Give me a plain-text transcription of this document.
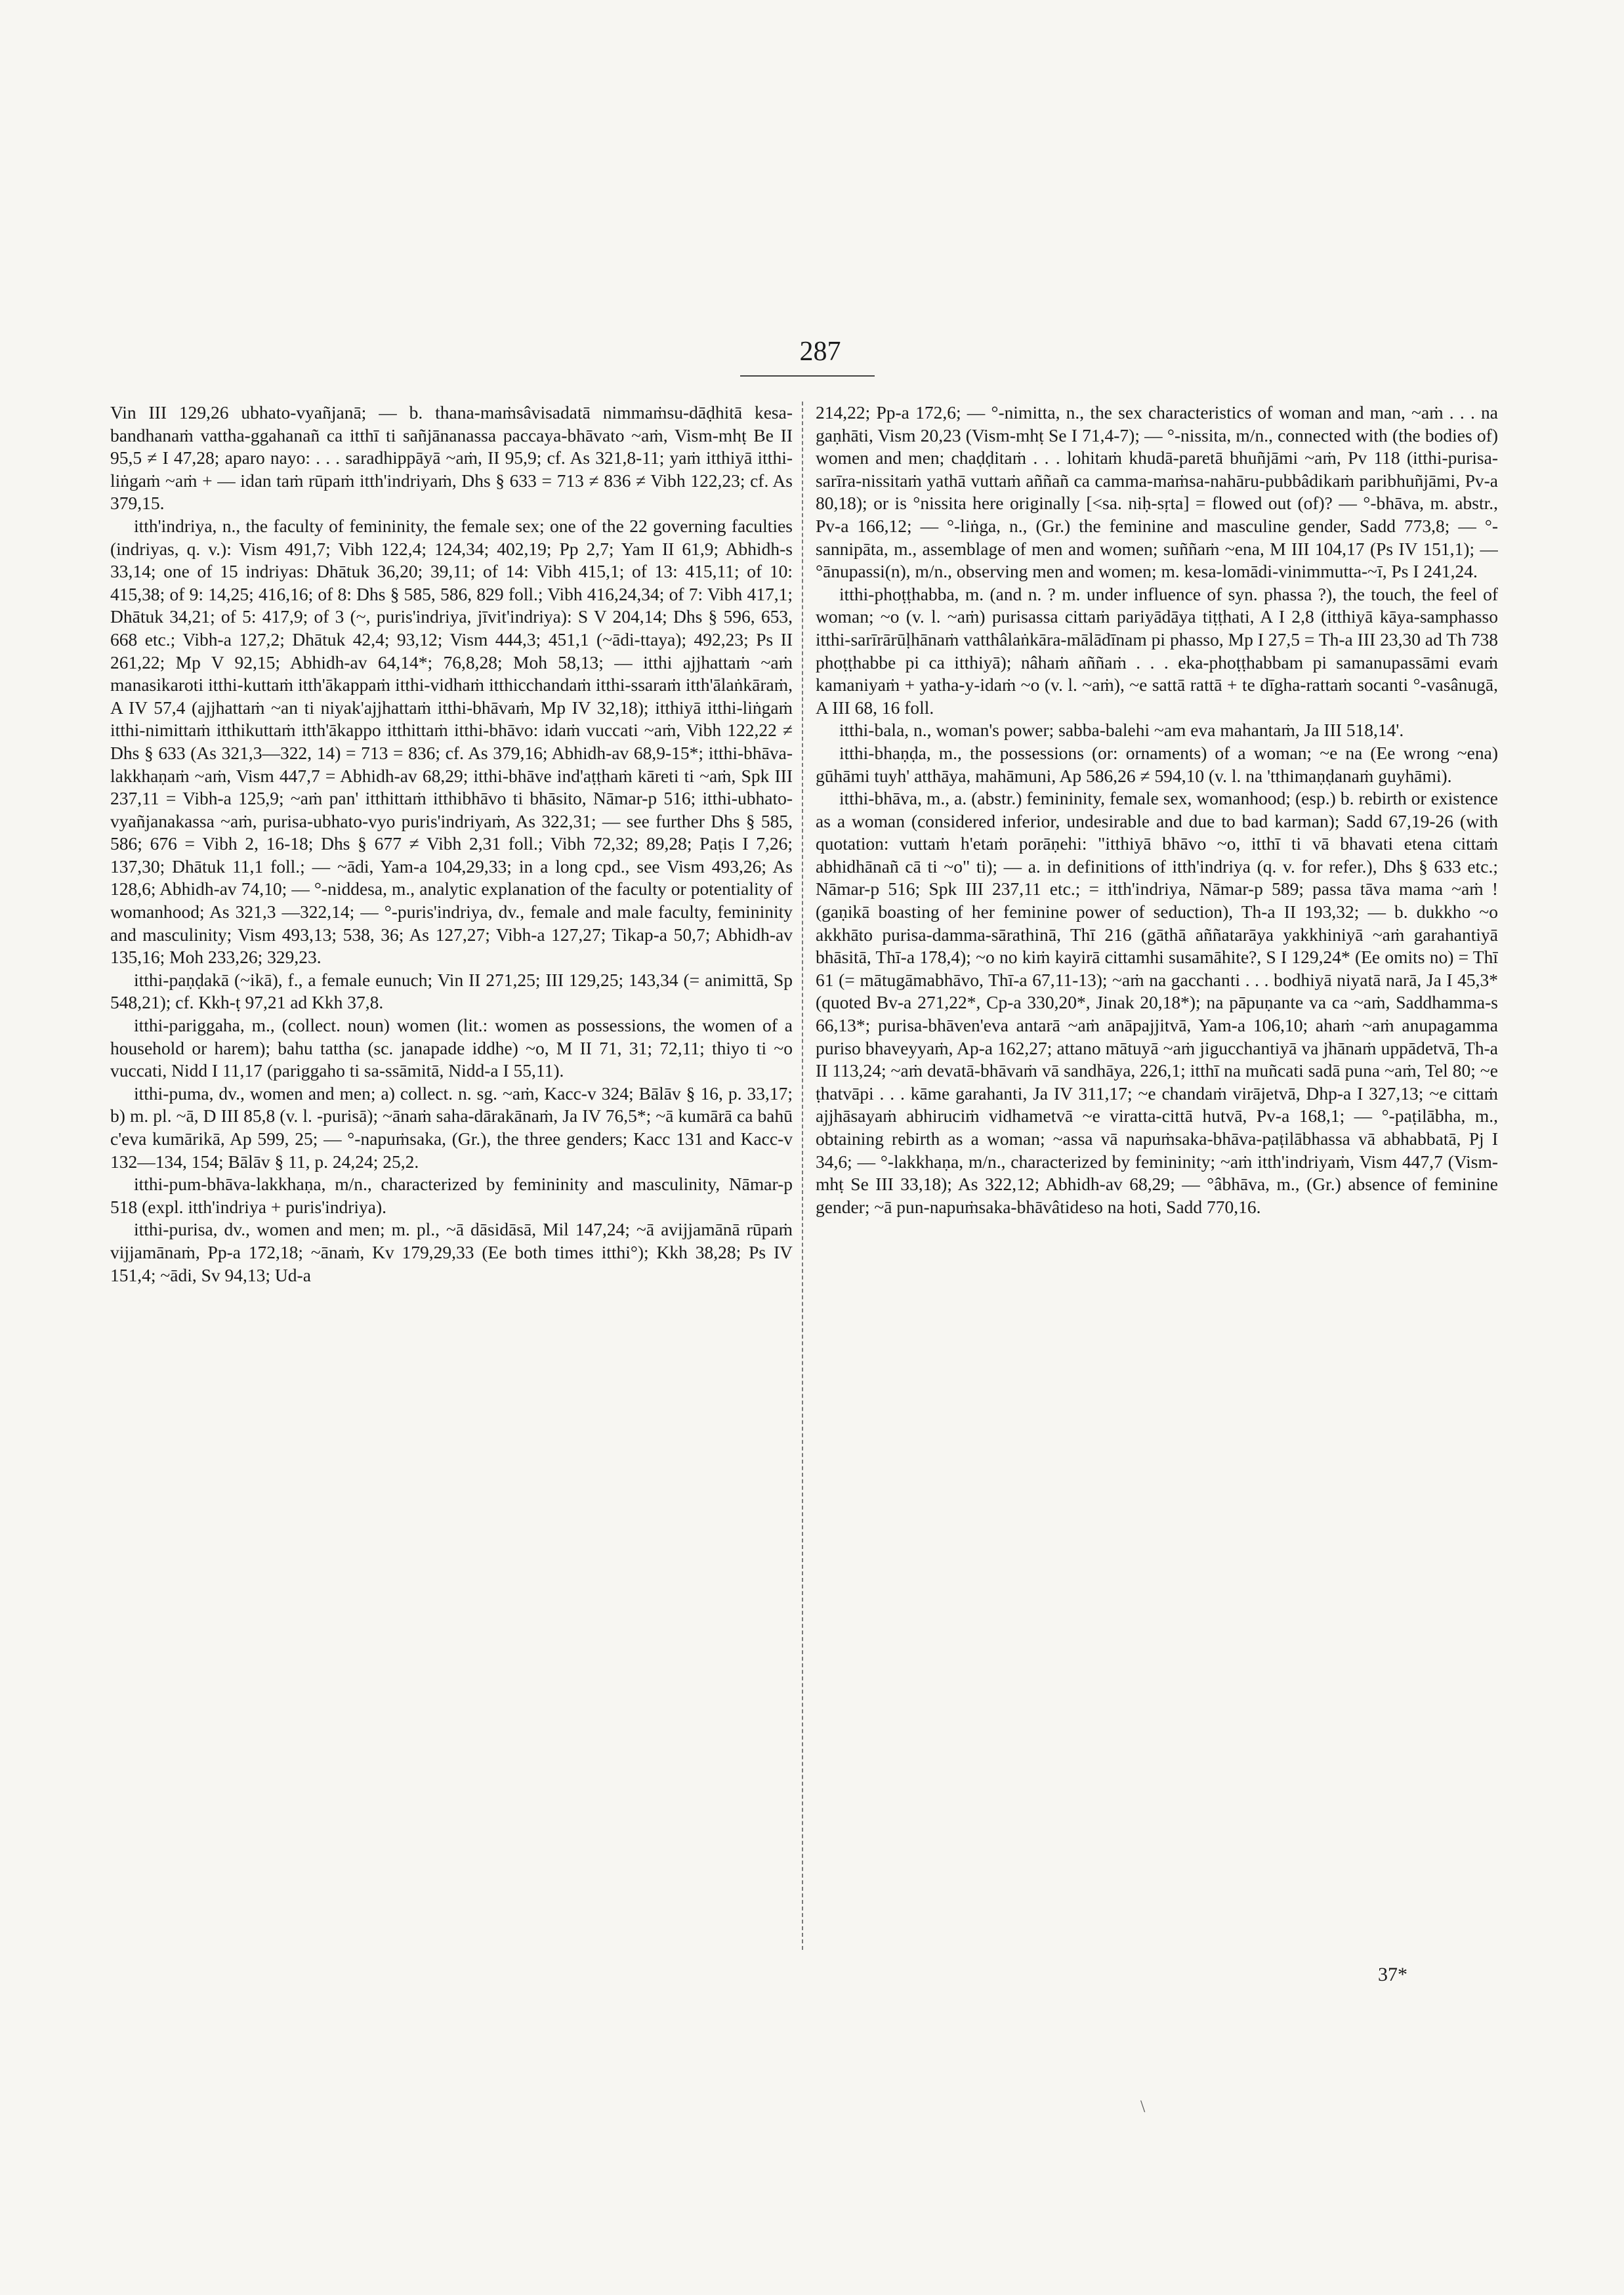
287

Vin III 129,26 ubhato-vyañjanā; — b. thana-maṁsâvisadatā nimmaṁsu-dāḍhitā kesa-bandhanaṁ vattha-ggahanañ ca itthī ti sañjānanassa paccaya-bhāvato ~aṁ, Vism-mhṭ Be II 95,5 ≠ I 47,28; aparo nayo: . . . saradhippāyā ~aṁ, II 95,9; cf. As 321,8-11; yaṁ itthiyā itthi-liṅgaṁ ~aṁ + — idan taṁ rūpaṁ itth'indriyaṁ, Dhs § 633 = 713 ≠ 836 ≠ Vibh 122,23; cf. As 379,15.

itth'indriya, n., the faculty of femininity, the female sex; one of the 22 governing faculties (indriyas, q. v.): Vism 491,7; Vibh 122,4; 124,34; 402,19; Pp 2,7; Yam II 61,9; Abhidh-s 33,14; one of 15 indriyas: Dhātuk 36,20; 39,11; of 14: Vibh 415,1; of 13: 415,11; of 10: 415,38; of 9: 14,25; 416,16; of 8: Dhs § 585, 586, 829 foll.; Vibh 416,24,34; of 7: Vibh 417,1; Dhātuk 34,21; of 5: 417,9; of 3 (~, puris'indriya, jīvit'indriya): S V 204,14; Dhs § 596, 653, 668 etc.; Vibh-a 127,2; Dhātuk 42,4; 93,12; Vism 444,3; 451,1 (~ādi-ttaya); 492,23; Ps II 261,22; Mp V 92,15; Abhidh-av 64,14*; 76,8,28; Moh 58,13; — itthi ajjhattaṁ ~aṁ manasikaroti itthi-kuttaṁ itth'ākappaṁ itthi-vidhaṁ itthicchandaṁ itthi-ssaraṁ itth'ālaṅkāraṁ, A IV 57,4 (ajjhattaṁ ~an ti niyak'ajjhattaṁ itthi-bhāvaṁ, Mp IV 32,18); itthiyā itthi-liṅgaṁ itthi-nimittaṁ itthikuttaṁ itth'ākappo itthittaṁ itthi-bhāvo: idaṁ vuccati ~aṁ, Vibh 122,22 ≠ Dhs § 633 (As 321,3—322, 14) = 713 = 836; cf. As 379,16; Abhidh-av 68,9-15*; itthi-bhāva-lakkhaṇaṁ ~aṁ, Vism 447,7 = Abhidh-av 68,29; itthi-bhāve ind'aṭṭhaṁ kāreti ti ~aṁ, Spk III 237,11 = Vibh-a 125,9; ~aṁ pan' itthittaṁ itthibhāvo ti bhāsito, Nāmar-p 516; itthi-ubhato-vyañjanakassa ~aṁ, purisa-ubhato-vyo puris'indriyaṁ, As 322,31; — see further Dhs § 585, 586; 676 = Vibh 2, 16-18; Dhs § 677 ≠ Vibh 2,31 foll.; Vibh 72,32; 89,28; Paṭis I 7,26; 137,30; Dhātuk 11,1 foll.; — ~ādi, Yam-a 104,29,33; in a long cpd., see Vism 493,26; As 128,6; Abhidh-av 74,10; — °-niddesa, m., analytic explanation of the faculty or potentiality of womanhood; As 321,3 —322,14; — °-puris'indriya, dv., female and male faculty, femininity and masculinity; Vism 493,13; 538, 36; As 127,27; Vibh-a 127,27; Tikap-a 50,7; Abhidh-av 135,16; Moh 233,26; 329,23.

itthi-paṇḍakā (~ikā), f., a female eunuch; Vin II 271,25; III 129,25; 143,34 (= animittā, Sp 548,21); cf. Kkh-ṭ 97,21 ad Kkh 37,8.

itthi-pariggaha, m., (collect. noun) women (lit.: women as possessions, the women of a household or harem); bahu tattha (sc. janapade iddhe) ~o, M II 71, 31; 72,11; thiyo ti ~o vuccati, Nidd I 11,17 (pariggaho ti sa-ssāmitā, Nidd-a I 55,11).

itthi-puma, dv., women and men; a) collect. n. sg. ~aṁ, Kacc-v 324; Bālāv § 16, p. 33,17; b) m. pl. ~ā, D III 85,8 (v. l. -purisā); ~ānaṁ saha-dārakānaṁ, Ja IV 76,5*; ~ā kumārā ca bahū c'eva kumārikā, Ap 599, 25; — °-napuṁsaka, (Gr.), the three genders; Kacc 131 and Kacc-v 132—134, 154; Bālāv § 11, p. 24,24; 25,2.

itthi-pum-bhāva-lakkhaṇa, m/n., characterized by femininity and masculinity, Nāmar-p 518 (expl. itth'indriya + puris'indriya).

itthi-purisa, dv., women and men; m. pl., ~ā dāsidāsā, Mil 147,24; ~ā avijjamānā rūpaṁ vijjamānaṁ, Pp-a 172,18; ~ānaṁ, Kv 179,29,33 (Ee both times itthi°); Kkh 38,28; Ps IV 151,4; ~ādi, Sv 94,13; Ud-a

214,22; Pp-a 172,6; — °-nimitta, n., the sex characteristics of woman and man, ~aṁ . . . na gaṇhāti, Vism 20,23 (Vism-mhṭ Se I 71,4-7); — °-nissita, m/n., connected with (the bodies of) women and men; chaḍḍitaṁ . . . lohitaṁ khudā-paretā bhuñjāmi ~aṁ, Pv 118 (itthi-purisa-sarīra-nissitaṁ yathā vuttaṁ aññañ ca camma-maṁsa-nahāru-pubbâdikaṁ paribhuñjāmi, Pv-a 80,18); or is °nissita here originally [<sa. niḥ-sṛta] = flowed out (of)? — °-bhāva, m. abstr., Pv-a 166,12; — °-liṅga, n., (Gr.) the feminine and masculine gender, Sadd 773,8; — °-sannipāta, m., assemblage of men and women; suññaṁ ~ena, M III 104,17 (Ps IV 151,1); — °ānupassi(n), m/n., observing men and women; m. kesa-lomādi-vinimmutta-~ī, Ps I 241,24.

itthi-phoṭṭhabba, m. (and n. ? m. under influence of syn. phassa ?), the touch, the feel of woman; ~o (v. l. ~aṁ) purisassa cittaṁ pariyādāya tiṭṭhati, A I 2,8 (itthiyā kāya-samphasso itthi-sarīrārūḷhānaṁ vatthâlaṅkāra-mālādīnam pi phasso, Mp I 27,5 = Th-a III 23,30 ad Th 738 phoṭṭhabbe pi ca itthiyā); nâhaṁ aññaṁ . . . eka-phoṭṭhabbam pi samanupassāmi evaṁ kamaniyaṁ + yatha-y-idaṁ ~o (v. l. ~aṁ), ~e sattā rattā + te dīgha-rattaṁ socanti °-vasânugā, A III 68, 16 foll.

itthi-bala, n., woman's power; sabba-balehi ~am eva mahantaṁ, Ja III 518,14'.

itthi-bhaṇḍa, m., the possessions (or: ornaments) of a woman; ~e na (Ee wrong ~ena) gūhāmi tuyh' atthāya, mahāmuni, Ap 586,26 ≠ 594,10 (v. l. na 'tthimaṇḍanaṁ guyhāmi).

itthi-bhāva, m., a. (abstr.) femininity, female sex, womanhood; (esp.) b. rebirth or existence as a woman (considered inferior, undesirable and due to bad karman); Sadd 67,19-26 (with quotation: vuttaṁ h'etaṁ porāṇehi: "itthiyā bhāvo ~o, itthī ti vā bhavati etena cittaṁ abhidhānañ cā ti ~o" ti); — a. in definitions of itth'indriya (q. v. for refer.), Dhs § 633 etc.; Nāmar-p 516; Spk III 237,11 etc.; = itth'indriya, Nāmar-p 589; passa tāva mama ~aṁ ! (gaṇikā boasting of her feminine power of seduction), Th-a II 193,32; — b. dukkho ~o akkhāto purisa-damma-sārathinā, Thī 216 (gāthā aññatarāya yakkhiniyā ~aṁ garahantiyā bhāsitā, Thī-a 178,4); ~o no kiṁ kayirā cittamhi susamāhite?, S I 129,24* (Ee omits no) = Thī 61 (= mātugāmabhāvo, Thī-a 67,11-13); ~aṁ na gacchanti . . . bodhiyā niyatā narā, Ja I 45,3* (quoted Bv-a 271,22*, Cp-a 330,20*, Jinak 20,18*); na pāpuṇante va ca ~aṁ, Saddhamma-s 66,13*; purisa-bhāven'eva antarā ~aṁ anāpajjitvā, Yam-a 106,10; ahaṁ ~aṁ anupagamma puriso bhaveyyaṁ, Ap-a 162,27; attano mātuyā ~aṁ jigucchantiyā va jhānaṁ uppādetvā, Th-a II 113,24; ~aṁ devatā-bhāvaṁ vā sandhāya, 226,1; itthī na muñcati sadā puna ~aṁ, Tel 80; ~e ṭhatvāpi . . . kāme garahanti, Ja IV 311,17; ~e chandaṁ virājetvā, Dhp-a I 327,13; ~e cittaṁ ajjhāsayaṁ abhiruciṁ vidhametvā ~e viratta-cittā hutvā, Pv-a 168,1; — °-paṭilābha, m., obtaining rebirth as a woman; ~assa vā napuṁsaka-bhāva-paṭilābhassa vā abhabbatā, Pj I 34,6; — °-lakkhaṇa, m/n., characterized by femininity; ~aṁ itth'indriyaṁ, Vism 447,7 (Vism-mhṭ Se III 33,18); As 322,12; Abhidh-av 68,29; — °âbhāva, m., (Gr.) absence of feminine gender; ~ā pun-napuṁsaka-bhāvâtideso na hoti, Sadd 770,16.

37*
\
